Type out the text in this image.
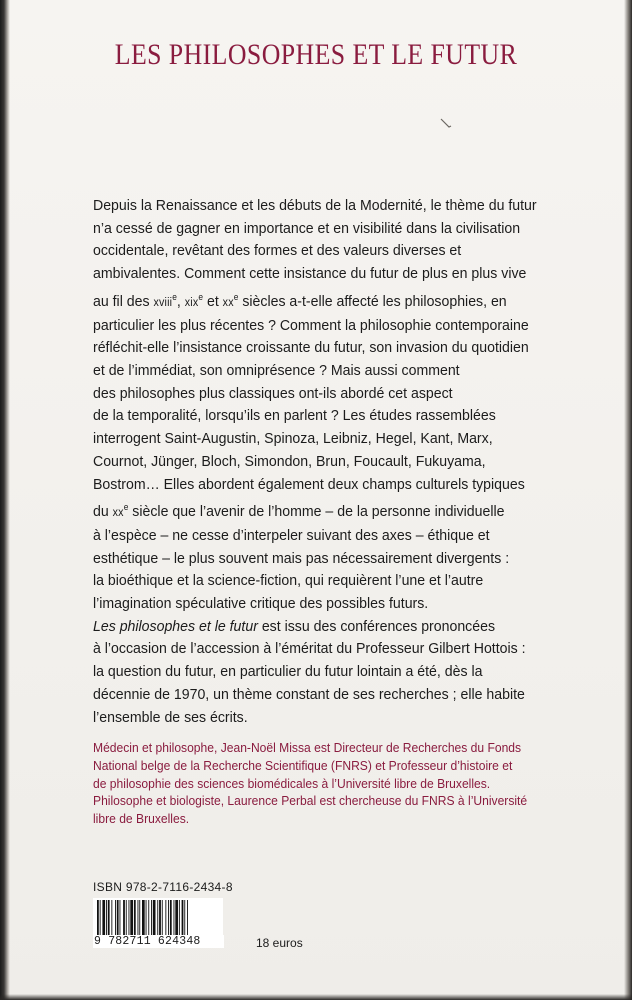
LES PHILOSOPHES ET LE FUTUR

Depuis la Renaissance et les débuts de la Modernité, le thème du futur

n’a cessé de gagner en importance et en visibilité dans la civilisation

occidentale, revêtant des formes et des valeurs diverses et

ambivalentes. Comment cette insistance du futur de plus en plus vive

au fil des xviii$^e$, xix$^e$ et $xx^e$ siècles a-t-elle affecté les philosophies, en

particulier les plus récentes ? Comment la philosophie contemporaine

réfléchit-elle l’insistance croissante du futur, son invasion du quotidien

et de l’immédiat, son omniprésence ? Mais aussi comment

des philosophes plus classiques ont-ils abordé cet aspect

de la temporalité, lorsqu’ils en parlent ? Les études rassemblées

interrogent Saint-Augustin, Spinoza, Leibniz, Hegel, Kant, Marx,

Cournot, Jünger, Bloch, Simondon, Brun, Foucault, Fukuyama,

Bostrom… Elles abordent également deux champs culturels typiques

du $xx^e$ siècle que l’avenir de l’homme – de la personne individuelle

à l’espèce – ne cesse d’interpeler suivant des axes – éthique et

esthétique – le plus souvent mais pas nécessairement divergents :

la bioéthique et la science-fiction, qui requièrent l’une et l’autre

l’imagination spéculative critique des possibles futurs.

Les philosophes et le futur est issu des conférences prononcées

à l’occasion de l’accession à l’éméritat du Professeur Gilbert Hottois :

la question du futur, en particulier du futur lointain a été, dès la

décennie de 1970, un thème constant de ses recherches ; elle habite

l’ensemble de ses écrits.

Médecin et philosophe, Jean-Noël Missa est Directeur de Recherches du Fonds

National belge de la Recherche Scientifique (FNRS) et Professeur d’histoire et

de philosophie des sciences biomédicales à l’Université libre de Bruxelles.

Philosophe et biologiste, Laurence Perbal est chercheuse du FNRS à l’Université

libre de Bruxelles.

ISBN 978-2-7116-2434-8
9 782711 624348	18 euros
